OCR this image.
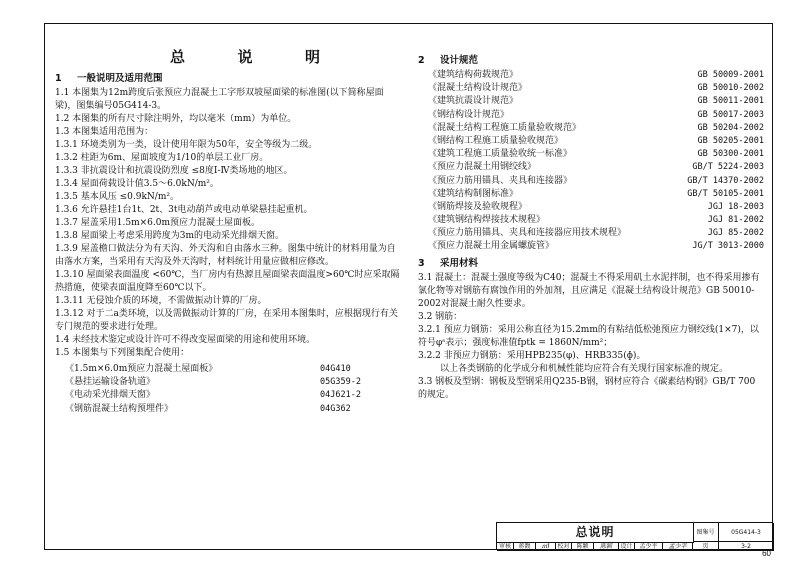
总	说	明
1 一般说明及适用范围

1.1 本图集为12m跨度后张预应力混凝土工字形双坡屋面梁的标准图(以下简称屋面梁)，图集编号05G414-3。

1.2 本图集的所有尺寸除注明外，均以毫米（mm）为单位。

1.3 本图集适用范围为：

1.3.1 环境类别为一类，设计使用年限为50年，安全等级为二级。

1.3.2 柱距为6m、屋面坡度为1/10的单层工业厂房。

1.3.3 非抗震设计和抗震设防烈度 ≤8度Ⅰ-Ⅳ类场地的地区。

1.3.4 屋面荷载设计值3.5～6.0kN/m²。

1.3.5 基本风压 ≤0.9kN/m²。

1.3.6 允许悬挂1台1t、2t、3t电动葫芦或电动单梁悬挂起重机。

1.3.7 屋盖采用1.5m×6.0m预应力混凝土屋面板。

1.3.8 屋面梁上考虑采用跨度为3m的电动采光排烟天窗。

1.3.9 屋盖檐口做法分为有天沟、外天沟和自由落水三种。图集中统计的材料用量为自由落水方案，当采用有天沟及外天沟时，材料统计用量应做相应修改。

1.3.10 屋面梁表面温度 <60℃，当厂房内有热源且屋面梁表面温度>60℃时应采取隔热措施，使梁表面温度降至60℃以下。

1.3.11 无侵蚀介质的环境，不需做振动计算的厂房。

1.3.12 对于二a类环境，以及需做振动计算的厂房，在采用本图集时，应根据现行有关专门规范的要求进行处理。

1.4 未经技术鉴定或设计许可不得改变屋面梁的用途和使用环境。

1.5 本图集与下列图集配合使用：

《1.5m×6.0m预应力混凝土屋面板》	04G410
《悬挂运输设备轨道》	05G359-2
《电动采光排烟天窗》	04J621-2
《钢筋混凝土结构预埋件》	04G362
2 设计规范
《建筑结构荷载规范》	GB 50009-2001
《混凝土结构设计规范》	GB 50010-2002
《建筑抗震设计规范》	GB 50011-2001
《钢结构设计规范》	GB 50017-2003
《混凝土结构工程施工质量验收规范》	GB 50204-2002
《钢结构工程施工质量验收规范》	GB 50205-2001
《建筑工程施工质量验收统一标准》	GB 50300-2001
《预应力混凝土用钢绞线》	GB/T 5224-2003
《预应力筋用锚具、夹具和连接器》	GB/T 14370-2002
《建筑结构制图标准》	GB/T 50105-2001
《钢筋焊接及验收规程》	JGJ 18-2003
《建筑钢结构焊接技术规程》	JGJ 81-2002
《预应力筋用锚具、夹具和连接器应用技术规程》	JGJ 85-2002
《预应力混凝土用金属螺旋管》	JG/T 3013-2000
3 采用材料

3.1 混凝土：混凝土强度等级为C40；混凝土不得采用矶土水泥拌制，也不得采用掺有氯化物等对钢筋有腐蚀作用的外加剂，且应满足《混凝土结构设计规范》GB 50010-2002对混凝土耐久性要求。

3.2 钢筋：

3.2.1 预应力钢筋：采用公称直径为15.2mm的有粘结低松弛预应力钢绞线(1×7)，以符号φˢ表示；强度标准值fptk = 1860N/mm²；

3.2.2 非预应力钢筋：采用HPB235(φ)、HRB335(ɸ)。

以上各类钢筋的化学成分和机械性能均应符合有关现行国家标准的规定。

3.3 钢板及型钢：钢板及型钢采用Q235-B钢，钢材应符合《碳素结构钢》GB/T 700的规定。

总说明	图集号	05G414-3
审核	蒋馥	㎡Ⅰ	校对	陈颖	陈颖	设计	孟少平	孟少平	页	3-2
60
